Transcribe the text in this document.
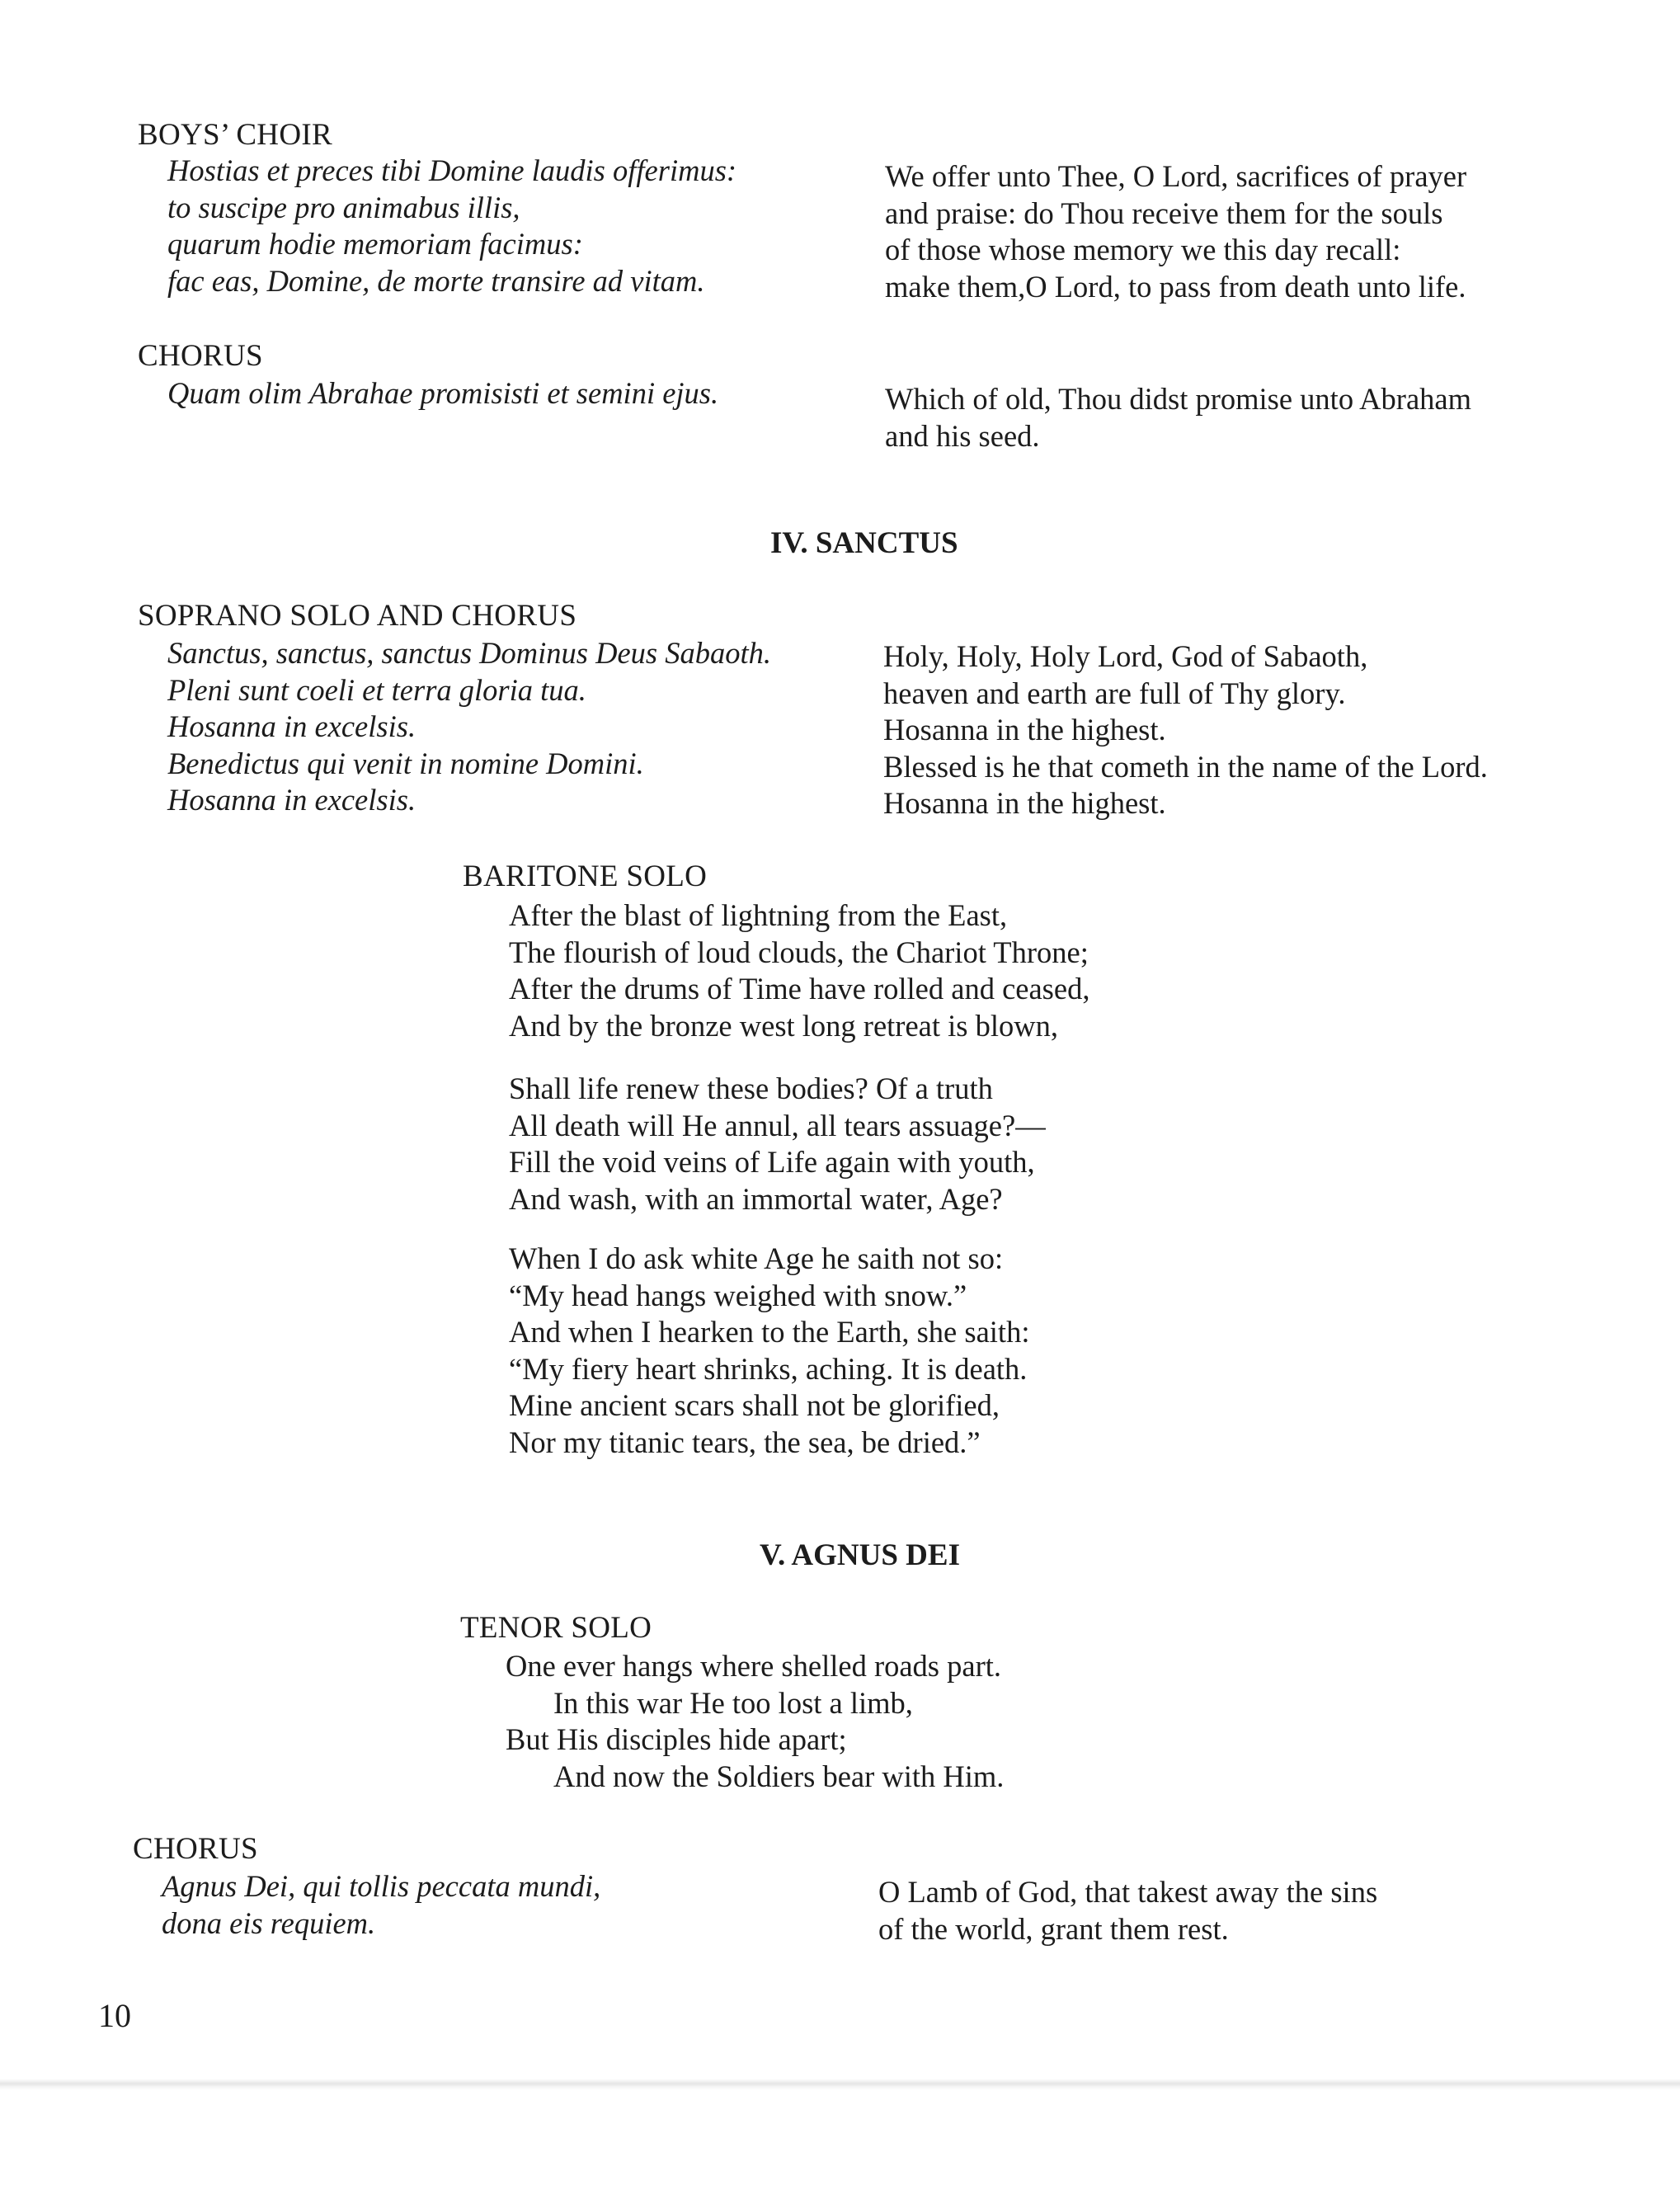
BOYS’ CHOIR
Hostias et preces tibi Domine laudis offerimus:
to suscipe pro animabus illis,
quarum hodie memoriam facimus:
fac eas, Domine, de morte transire ad vitam.
We offer unto Thee, O Lord, sacrifices of prayer
and praise: do Thou receive them for the souls
of those whose memory we this day recall:
make them,O Lord, to pass from death unto life.
CHORUS
Quam olim Abrahae promisisti et semini ejus.	Which of old, Thou didst promise unto Abraham
and his seed.
IV. SANCTUS
SOPRANO SOLO AND CHORUS
Sanctus, sanctus, sanctus Dominus Deus Sabaoth.
Pleni sunt coeli et terra gloria tua.
Hosanna in excelsis.
Benedictus qui venit in nomine Domini.
Hosanna in excelsis.
Holy, Holy, Holy Lord, God of Sabaoth,
heaven and earth are full of Thy glory.
Hosanna in the highest.
Blessed is he that cometh in the name of the Lord.
Hosanna in the highest.
BARITONE SOLO
After the blast of lightning from the East,
The flourish of loud clouds, the Chariot Throne;
After the drums of Time have rolled and ceased,
And by the bronze west long retreat is blown,
Shall life renew these bodies? Of a truth
All death will He annul, all tears assuage?—
Fill the void veins of Life again with youth,
And wash, with an immortal water, Age?
When I do ask white Age he saith not so:
“My head hangs weighed with snow.”
And when I hearken to the Earth, she saith:
“My fiery heart shrinks, aching. It is death.
Mine ancient scars shall not be glorified,
Nor my titanic tears, the sea, be dried.”
V. AGNUS DEI
TENOR SOLO
One ever hangs where shelled roads part.
In this war He too lost a limb,
But His disciples hide apart;
And now the Soldiers bear with Him.
CHORUS
Agnus Dei, qui tollis peccata mundi,
dona eis requiem.
O Lamb of God, that takest away the sins
of the world, grant them rest.
10
